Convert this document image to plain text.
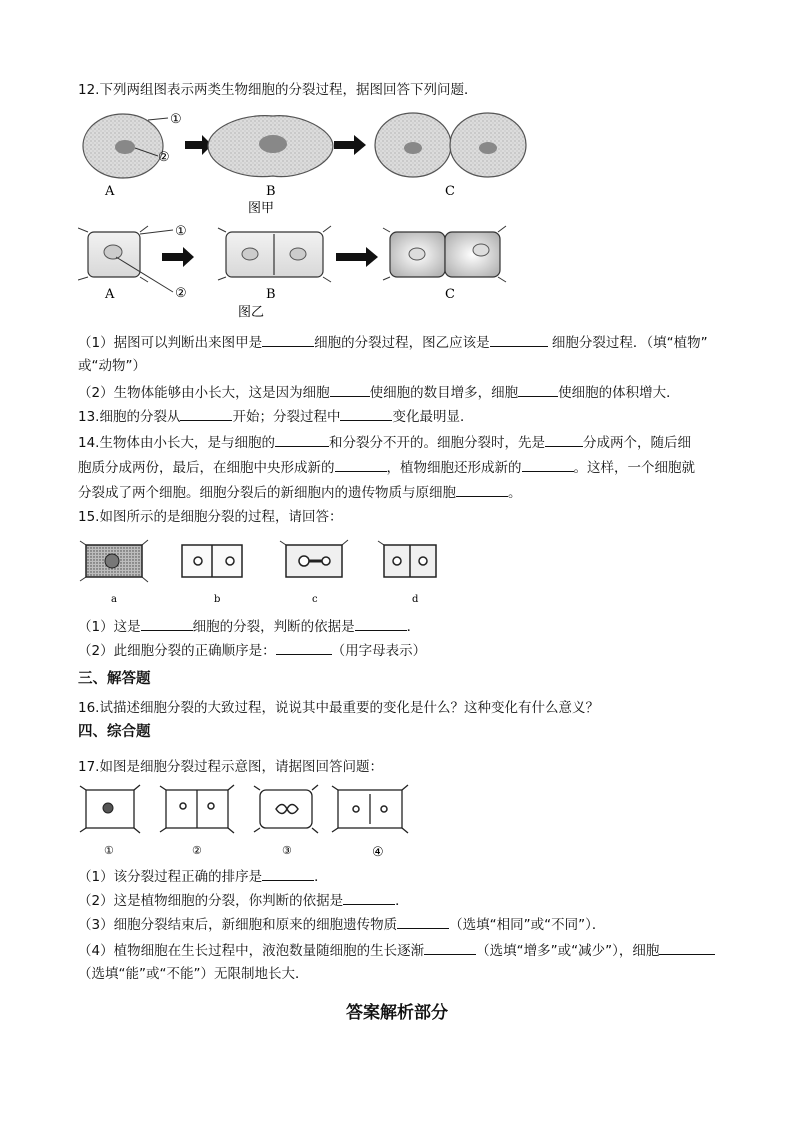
12.下列两组图表示两类生物细胞的分裂过程，据图回答下列问题．
①
②
A	B	C
图甲
①
②
A	B	C
图乙
（1）据图可以判断出来图甲是	细胞的分裂过程，图乙应该是	细胞分裂过程．（填“植物”
或“动物”）
（2）生物体能够由小长大，这是因为细胞	使细胞的数目增多，细胞	使细胞的体积增大．
13.细胞的分裂从	开始；分裂过程中	变化最明显．
14.生物体由小长大，是与细胞的	和分裂分不开的。细胞分裂时，先是	分成两个，随后细
胞质分成两份，最后，在细胞中央形成新的	，植物细胞还形成新的	。这样，一个细胞就
分裂成了两个细胞。细胞分裂后的新细胞内的遗传物质与原细胞	。
15.如图所示的是细胞分裂的过程，请回答：
a	b	c	d
（1）这是	细胞的分裂，判断的依据是	．
（2）此细胞分裂的正确顺序是：	（用字母表示）
三、解答题
16.试描述细胞分裂的大致过程，说说其中最重要的变化是什么？这种变化有什么意义？
四、综合题
17.如图是细胞分裂过程示意图，请据图回答问题：
①	②	③	④
（1）该分裂过程正确的排序是	．
（2）这是植物细胞的分裂，你判断的依据是	．
（3）细胞分裂结束后，新细胞和原来的细胞遗传物质	（选填“相同”或“不同”）．
（4）植物细胞在生长过程中，液泡数量随细胞的生长逐渐	（选填“增多”或“减少”），细胞
（选填“能”或“不能”）无限制地长大．
答案解析部分
